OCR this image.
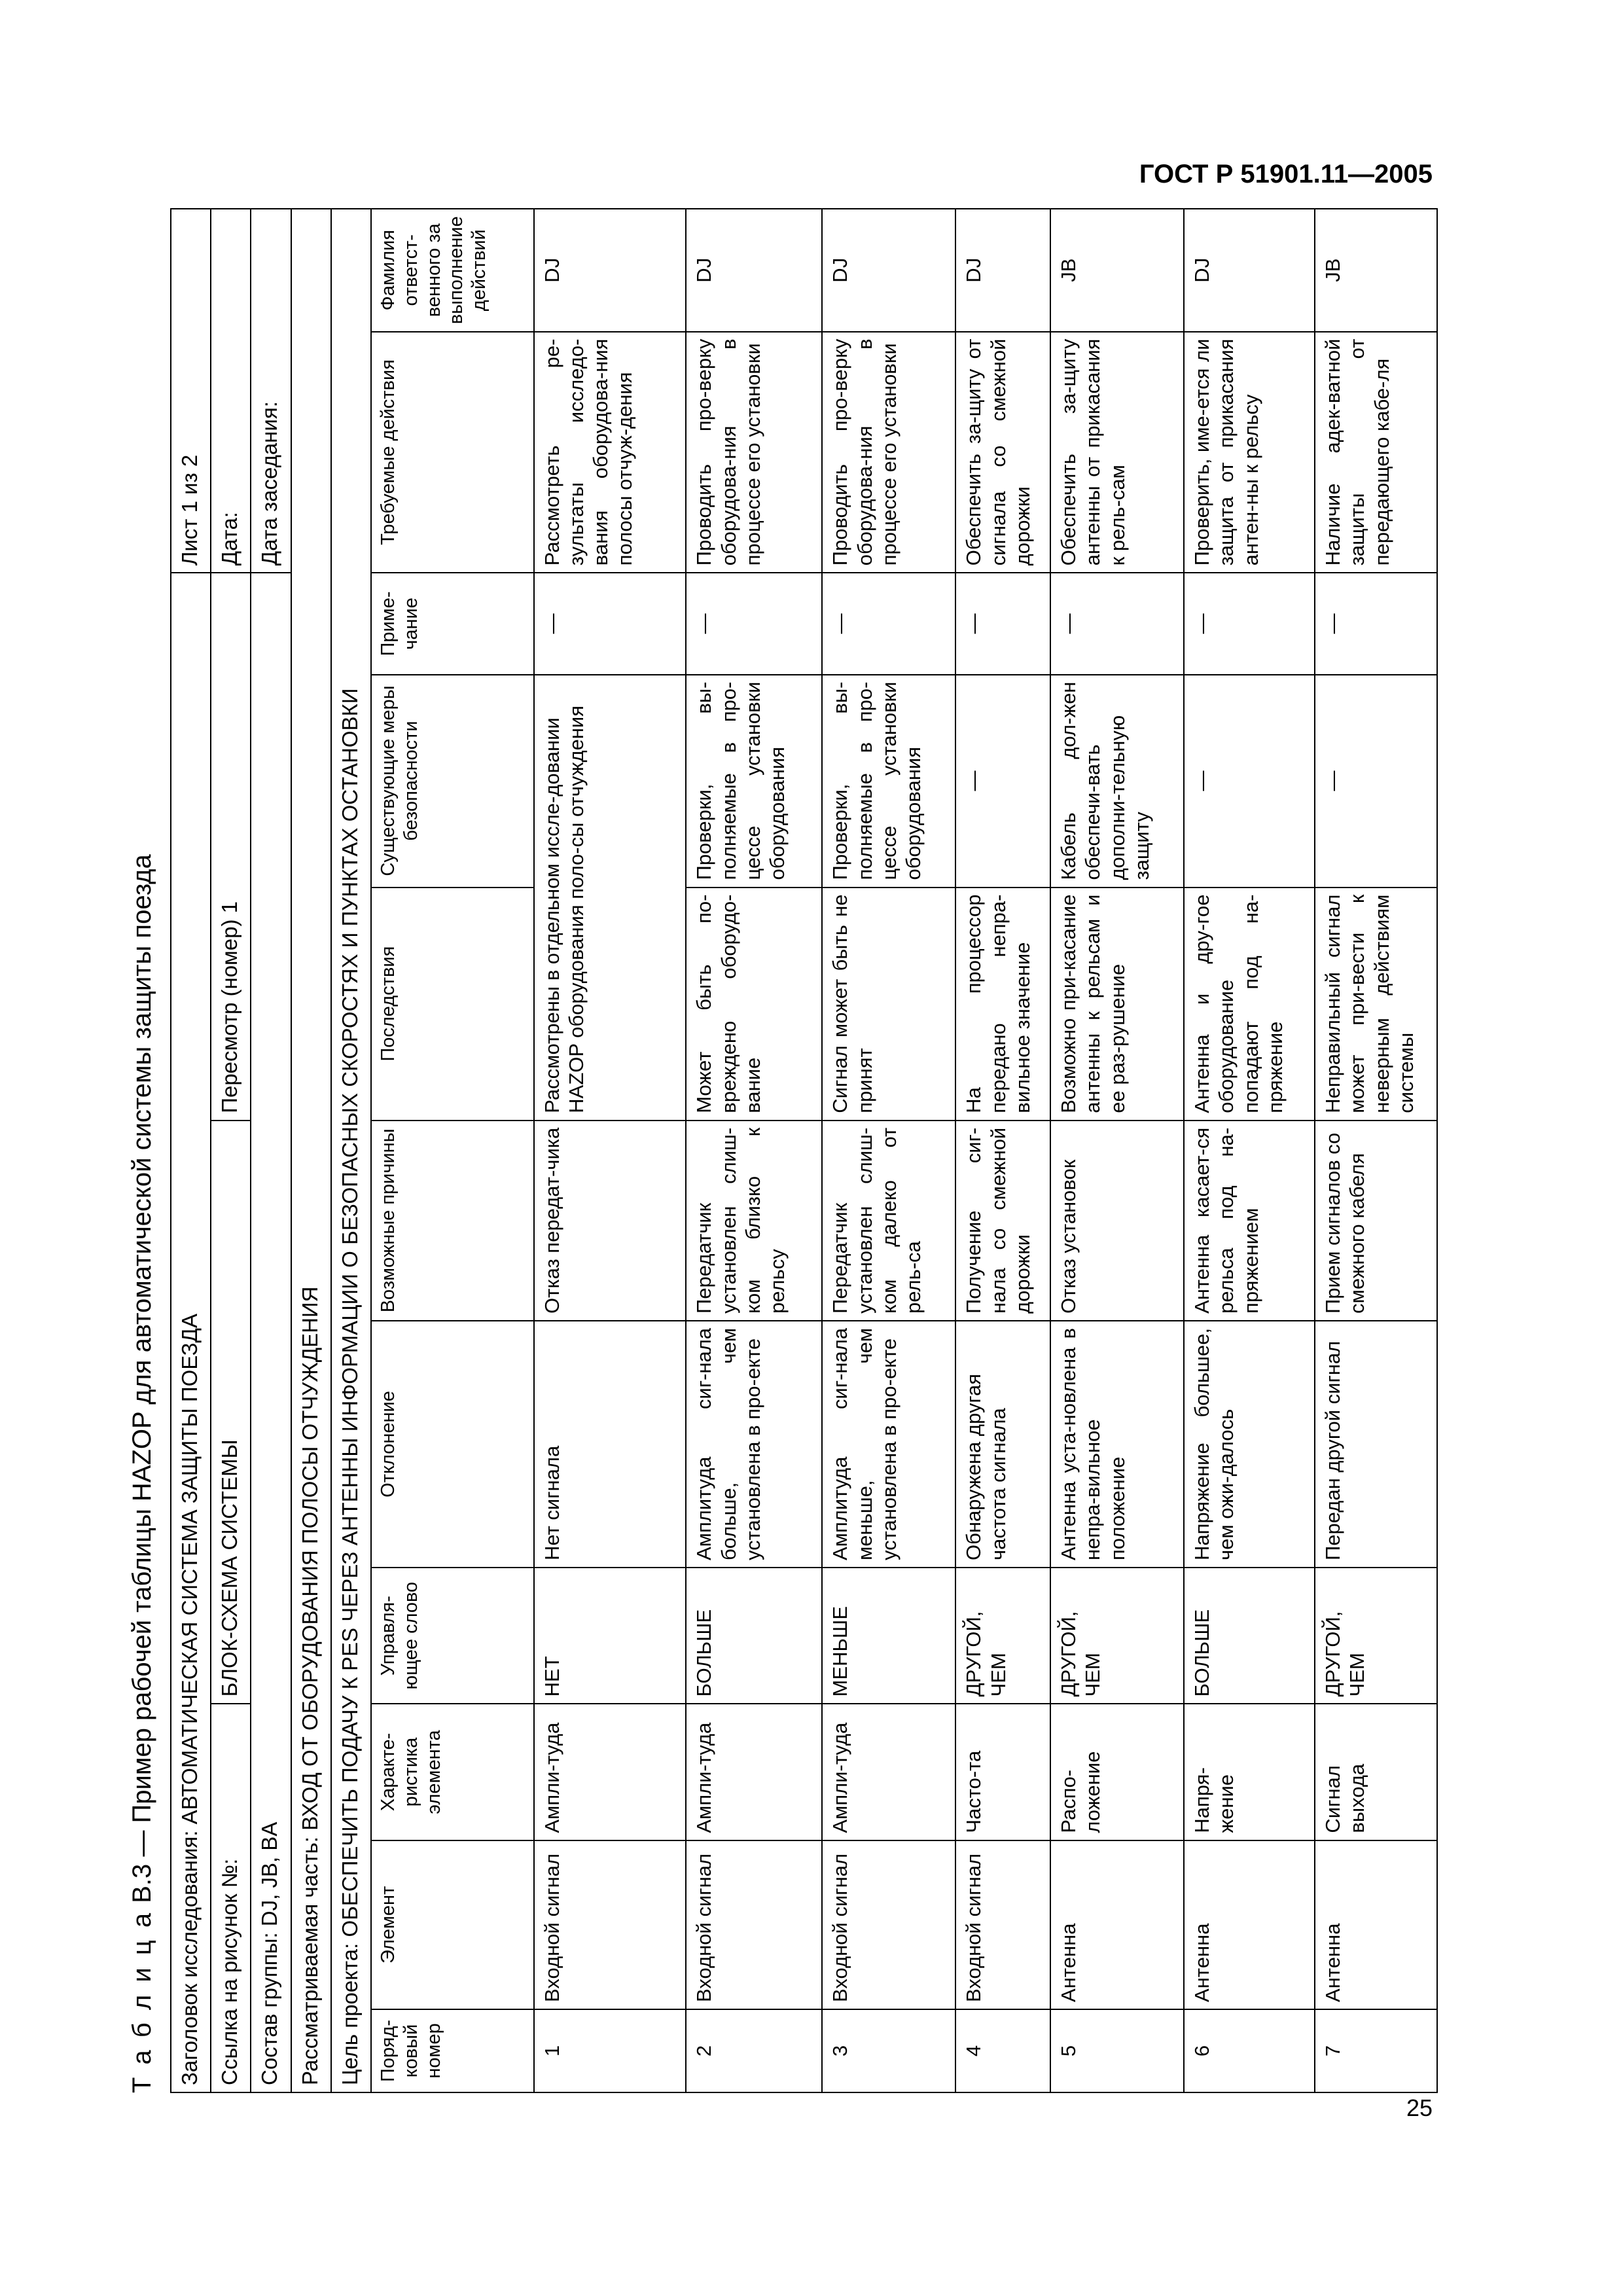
ГОСТ Р 51901.11—2005
Т а б л и ц а В.3 — Пример рабочей таблицы HAZOP для автоматической системы защиты поезда Заголовок исследования: АВТОМАТИЧЕСКАЯ СИСТЕМА ЗАЩИТЫ ПОЕЗДА									Лист 1 из 2	
Ссылка на рисунок №:			БЛОК-СХЕМА СИСТЕМЫ			Пересмотр (номер) 1			Дата:	
Состав группы: DJ, JB, BA									Дата заседания:	
Рассматриваемая часть: ВХОД ОТ ОБОРУДОВАНИЯ ПОЛОСЫ ОТЧУЖДЕНИЯ										
Цель проекта: ОБЕСПЕЧИТЬ ПОДАЧУ К PES ЧЕРЕЗ АНТЕННЫ ИНФОРМАЦИИ О БЕЗОПАСНЫХ СКОРОСТЯХ И ПУНКТАХ ОСТАНОВКИ										
Поряд-ковый номер	Элемент	Характе-ристика элемента	Управля-ющее слово	Отклонение	Возможные причины	Последствия	Существующие меры безопасности	Приме-чание	Требуемые действия	Фамилия ответст-венного за выполнение действий
1	Входной сигнал	Ампли-туда	НЕТ	Нет сигнала	Отказ передат-чика	Рассмотрены в отдельном иссле-довании HAZOP оборудования поло-сы отчуждения		—	Рассмотреть ре-зультаты исследо-вания оборудова-ния полосы отчуж-дения	DJ
2	Входной сигнал	Ампли-туда	БОЛЬШЕ	Амплитуда сиг-нала больше, чем установлена в про-екте	Передатчик установлен слиш-ком близко к рельсу	Может быть по-вреждено оборудо-вание	Проверки, вы-полняемые в про-цессе установки оборудования	—	Проводить про-верку оборудова-ния в процессе его установки	DJ
3	Входной сигнал	Ампли-туда	МЕНЬШЕ	Амплитуда сиг-нала меньше, чем установлена в про-екте	Передатчик установлен слиш-ком далеко от рель-са	Сигнал может быть не принят	Проверки, вы-полняемые в про-цессе установки оборудования	—	Проводить про-верку оборудова-ния в процессе его установки	DJ
4	Входной сигнал	Часто-та	ДРУГОЙ, ЧЕМ	Обнаружена другая частота сигнала	Получение сиг-нала со смежной дорожки	На процессор передано непра-вильное значение	—	—	Обеспечить за-щиту от сигнала со смежной дорожки	DJ
5	Антенна	Распо-ложение	ДРУГОЙ, ЧЕМ	Антенна уста-новлена в непра-вильное положение	Отказ установок	Возможно при-касание антенны к рельсам и ее раз-рушение	Кабель дол-жен обеспечи-вать дополни-тельную защиту	—	Обеспечить за-щиту антенны от прикасания к рель-сам	JB
6	Антенна	Напря-жение	БОЛЬШЕ	Напряжение большее, чем ожи-далось	Антенна касает-ся рельса под на-пряжением	Антенна и дру-гое оборудование попадают под на-пряжение	—	—	Проверить, име-ется ли защита от прикасания антен-ны к рельсу	DJ
7	Антенна	Сигнал выхода	ДРУГОЙ, ЧЕМ	Передан другой сигнал	Прием сигналов со смежного кабеля	Неправильный сигнал может при-вести к неверным действиям системы	—	—	Наличие адек-ватной защиты от передающего кабе-ля	JB
25
